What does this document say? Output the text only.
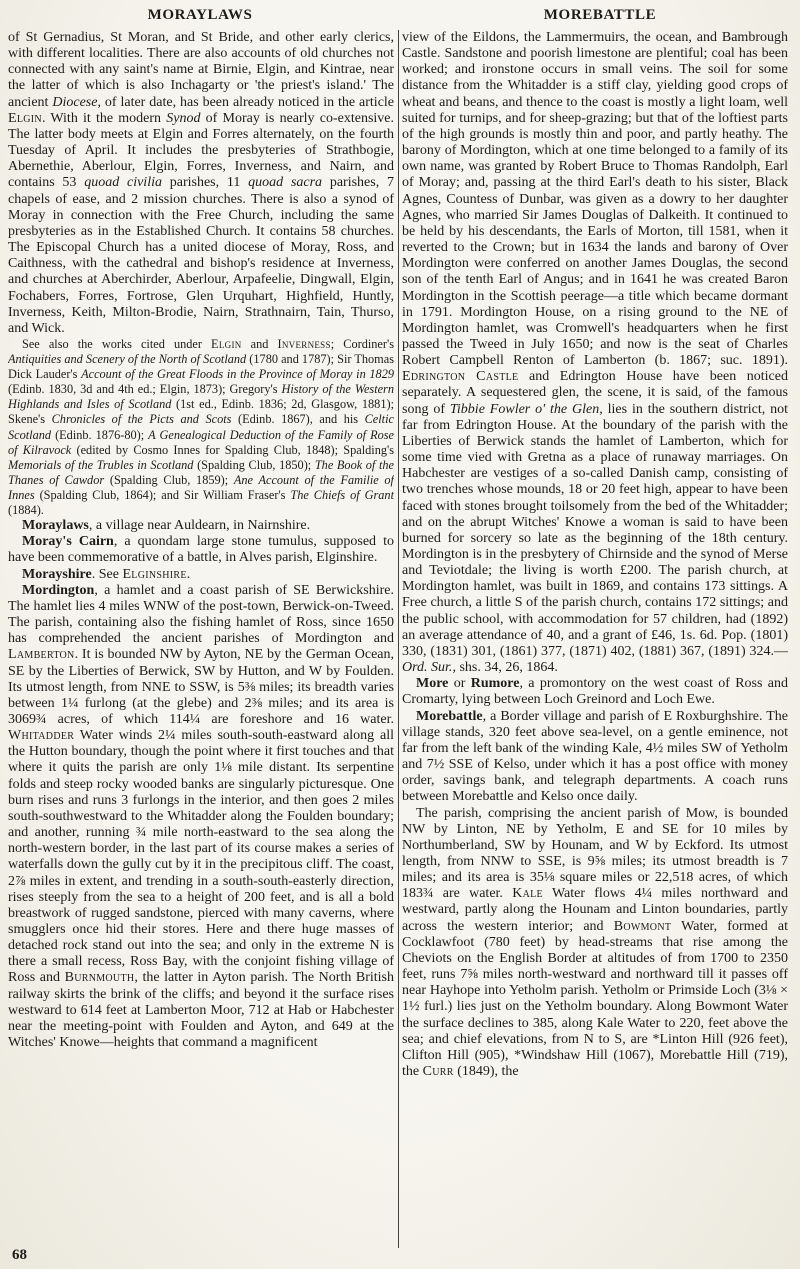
MORAYLAWS	MOREBATTLE

of St Gernadius, St Moran, and St Bride, and other early clerics, with different localities. There are also accounts of old churches not connected with any saint's name at Birnie, Elgin, and Kintrae, near the latter of which is also Inchagarty or 'the priest's island.' The ancient Diocese, of later date, has been already noticed in the article Elgin. With it the modern Synod of Moray is nearly co-extensive. The latter body meets at Elgin and Forres alternately, on the fourth Tuesday of April. It includes the presbyteries of Strathbogie, Abernethie, Aberlour, Elgin, Forres, Inverness, and Nairn, and contains 53 quoad civilia parishes, 11 quoad sacra parishes, 7 chapels of ease, and 2 mission churches. There is also a synod of Moray in connection with the Free Church, including the same presbyteries as in the Established Church. It contains 58 churches. The Episcopal Church has a united diocese of Moray, Ross, and Caithness, with the cathedral and bishop's residence at Inverness, and churches at Aberchirder, Aberlour, Arpafeelie, Dingwall, Elgin, Fochabers, Forres, Fortrose, Glen Urquhart, Highfield, Huntly, Inverness, Keith, Milton-Brodie, Nairn, Strathnairn, Tain, Thurso, and Wick.

See also the works cited under Elgin and Inverness; Cordiner's Antiquities and Scenery of the North of Scotland (1780 and 1787); Sir Thomas Dick Lauder's Account of the Great Floods in the Province of Moray in 1829 (Edinb. 1830, 3d and 4th ed.; Elgin, 1873); Gregory's History of the Western Highlands and Isles of Scotland (1st ed., Edinb. 1836; 2d, Glasgow, 1881); Skene's Chronicles of the Picts and Scots (Edinb. 1867), and his Celtic Scotland (Edinb. 1876-80); A Genealogical Deduction of the Family of Rose of Kilravock (edited by Cosmo Innes for Spalding Club, 1848); Spalding's Memorials of the Trubles in Scotland (Spalding Club, 1850); The Book of the Thanes of Cawdor (Spalding Club, 1859); Ane Account of the Familie of Innes (Spalding Club, 1864); and Sir William Fraser's The Chiefs of Grant (1884).

Moraylaws, a village near Auldearn, in Nairnshire.

Moray's Cairn, a quondam large stone tumulus, supposed to have been commemorative of a battle, in Alves parish, Elginshire.

Morayshire. See Elginshire.

Mordington, a hamlet and a coast parish of SE Berwickshire. The hamlet lies 4 miles WNW of the post-town, Berwick-on-Tweed. The parish, containing also the fishing hamlet of Ross, since 1650 has comprehended the ancient parishes of Mordington and Lamberton. It is bounded NW by Ayton, NE by the German Ocean, SE by the Liberties of Berwick, SW by Hutton, and W by Foulden. Its utmost length, from NNE to SSW, is 5⅜ miles; its breadth varies between 1¼ furlong (at the glebe) and 2⅜ miles; and its area is 3069¾ acres, of which 114¼ are foreshore and 16 water. Whitadder Water winds 2¼ miles south-south-eastward along all the Hutton boundary, though the point where it first touches and that where it quits the parish are only 1⅛ mile distant. Its serpentine folds and steep rocky wooded banks are singularly picturesque. One burn rises and runs 3 furlongs in the interior, and then goes 2 miles south-southwestward to the Whitadder along the Foulden boundary; and another, running ¾ mile north-eastward to the sea along the north-western border, in the last part of its course makes a series of waterfalls down the gully cut by it in the precipitous cliff. The coast, 2⅞ miles in extent, and trending in a south-south-easterly direction, rises steeply from the sea to a height of 200 feet, and is all a bold breastwork of rugged sandstone, pierced with many caverns, where smugglers once hid their stores. Here and there huge masses of detached rock stand out into the sea; and only in the extreme N is there a small recess, Ross Bay, with the conjoint fishing village of Ross and Burnmouth, the latter in Ayton parish. The North British railway skirts the brink of the cliffs; and beyond it the surface rises westward to 614 feet at Lamberton Moor, 712 at Hab or Habchester near the meeting-point with Foulden and Ayton, and 649 at the Witches' Knowe—heights that command a magnificent

view of the Eildons, the Lammermuirs, the ocean, and Bambrough Castle. Sandstone and poorish limestone are plentiful; coal has been worked; and ironstone occurs in small veins. The soil for some distance from the Whitadder is a stiff clay, yielding good crops of wheat and beans, and thence to the coast is mostly a light loam, well suited for turnips, and for sheep-grazing; but that of the loftiest parts of the high grounds is mostly thin and poor, and partly heathy. The barony of Mordington, which at one time belonged to a family of its own name, was granted by Robert Bruce to Thomas Randolph, Earl of Moray; and, passing at the third Earl's death to his sister, Black Agnes, Countess of Dunbar, was given as a dowry to her daughter Agnes, who married Sir James Douglas of Dalkeith. It continued to be held by his descendants, the Earls of Morton, till 1581, when it reverted to the Crown; but in 1634 the lands and barony of Over Mordington were conferred on another James Douglas, the second son of the tenth Earl of Angus; and in 1641 he was created Baron Mordington in the Scottish peerage—a title which became dormant in 1791. Mordington House, on a rising ground to the NE of Mordington hamlet, was Cromwell's headquarters when he first passed the Tweed in July 1650; and now is the seat of Charles Robert Campbell Renton of Lamberton (b. 1867; suc. 1891). Edrington Castle and Edrington House have been noticed separately. A sequestered glen, the scene, it is said, of the famous song of Tibbie Fowler o' the Glen, lies in the southern district, not far from Edrington House. At the boundary of the parish with the Liberties of Berwick stands the hamlet of Lamberton, which for some time vied with Gretna as a place of runaway marriages. On Habchester are vestiges of a so-called Danish camp, consisting of two trenches whose mounds, 18 or 20 feet high, appear to have been faced with stones brought toilsomely from the bed of the Whitadder; and on the abrupt Witches' Knowe a woman is said to have been burned for sorcery so late as the beginning of the 18th century. Mordington is in the presbytery of Chirnside and the synod of Merse and Teviotdale; the living is worth £200. The parish church, at Mordington hamlet, was built in 1869, and contains 173 sittings. A Free church, a little S of the parish church, contains 172 sittings; and the public school, with accommodation for 57 children, had (1892) an average attendance of 40, and a grant of £46, 1s. 6d. Pop. (1801) 330, (1831) 301, (1861) 377, (1871) 402, (1881) 367, (1891) 324.—Ord. Sur., shs. 34, 26, 1864.

More or Rumore, a promontory on the west coast of Ross and Cromarty, lying between Loch Greinord and Loch Ewe.

Morebattle, a Border village and parish of E Roxburghshire. The village stands, 320 feet above sea-level, on a gentle eminence, not far from the left bank of the winding Kale, 4½ miles SW of Yetholm and 7½ SSE of Kelso, under which it has a post office with money order, savings bank, and telegraph departments. A coach runs between Morebattle and Kelso once daily.

The parish, comprising the ancient parish of Mow, is bounded NW by Linton, NE by Yetholm, E and SE for 10 miles by Northumberland, SW by Hounam, and W by Eckford. Its utmost length, from NNW to SSE, is 9⅝ miles; its utmost breadth is 7 miles; and its area is 35⅛ square miles or 22,518 acres, of which 183¾ are water. Kale Water flows 4¼ miles northward and westward, partly along the Hounam and Linton boundaries, partly across the western interior; and Bowmont Water, formed at Cocklawfoot (780 feet) by head-streams that rise among the Cheviots on the English Border at altitudes of from 1700 to 2350 feet, runs 7⅝ miles north-westward and northward till it passes off near Hayhope into Yetholm parish. Yetholm or Primside Loch (3⅛ × 1½ furl.) lies just on the Yetholm boundary. Along Bowmont Water the surface declines to 385, along Kale Water to 220, feet above the sea; and chief elevations, from N to S, are *Linton Hill (926 feet), Clifton Hill (905), *Windshaw Hill (1067), Morebattle Hill (719), the Curr (1849), the

68
